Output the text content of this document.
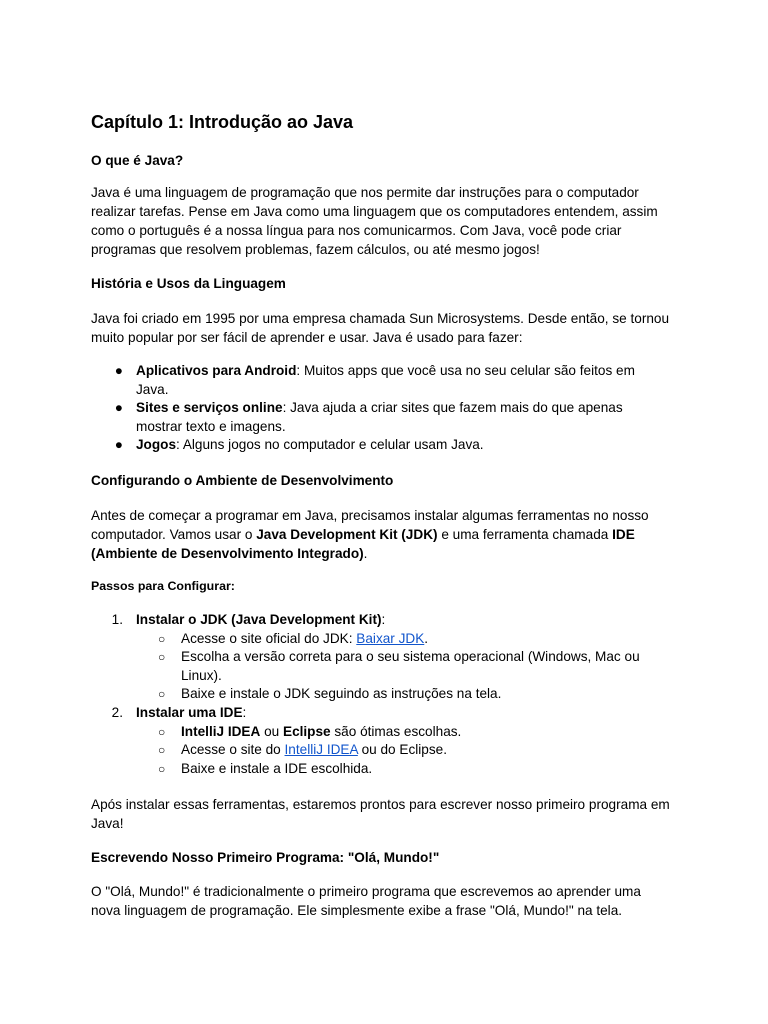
Capítulo 1: Introdução ao Java
O que é Java?

Java é uma linguagem de programação que nos permite dar instruções para o computador
realizar tarefas. Pense em Java como uma linguagem que os computadores entendem, assim
como o português é a nossa língua para nos comunicarmos. Com Java, você pode criar
programas que resolvem problemas, fazem cálculos, ou até mesmo jogos!

História e Usos da Linguagem

Java foi criado em 1995 por uma empresa chamada Sun Microsystems. Desde então, se tornou
muito popular por ser fácil de aprender e usar. Java é usado para fazer:

● Aplicativos para Android: Muitos apps que você usa no seu celular são feitos em
Java.
● Sites e serviços online: Java ajuda a criar sites que fazem mais do que apenas
mostrar texto e imagens.
● Jogos: Alguns jogos no computador e celular usam Java.
Configurando o Ambiente de Desenvolvimento

Antes de começar a programar em Java, precisamos instalar algumas ferramentas no nosso
computador. Vamos usar o Java Development Kit (JDK) e uma ferramenta chamada IDE
(Ambiente de Desenvolvimento Integrado).

Passos para Configurar:
1. Instalar o JDK (Java Development Kit):
○	Acesse o site oficial do JDK: Baixar JDK.
○	Escolha a versão correta para o seu sistema operacional (Windows, Mac ou
Linux).
○	Baixe e instale o JDK seguindo as instruções na tela.
2. Instalar uma IDE:
○	IntelliJ IDEA ou Eclipse são ótimas escolhas.
○	Acesse o site do IntelliJ IDEA ou do Eclipse.
○	Baixe e instale a IDE escolhida.

Após instalar essas ferramentas, estaremos prontos para escrever nosso primeiro programa em
Java!

Escrevendo Nosso Primeiro Programa: "Olá, Mundo!"

O "Olá, Mundo!" é tradicionalmente o primeiro programa que escrevemos ao aprender uma
nova linguagem de programação. Ele simplesmente exibe a frase "Olá, Mundo!" na tela.
